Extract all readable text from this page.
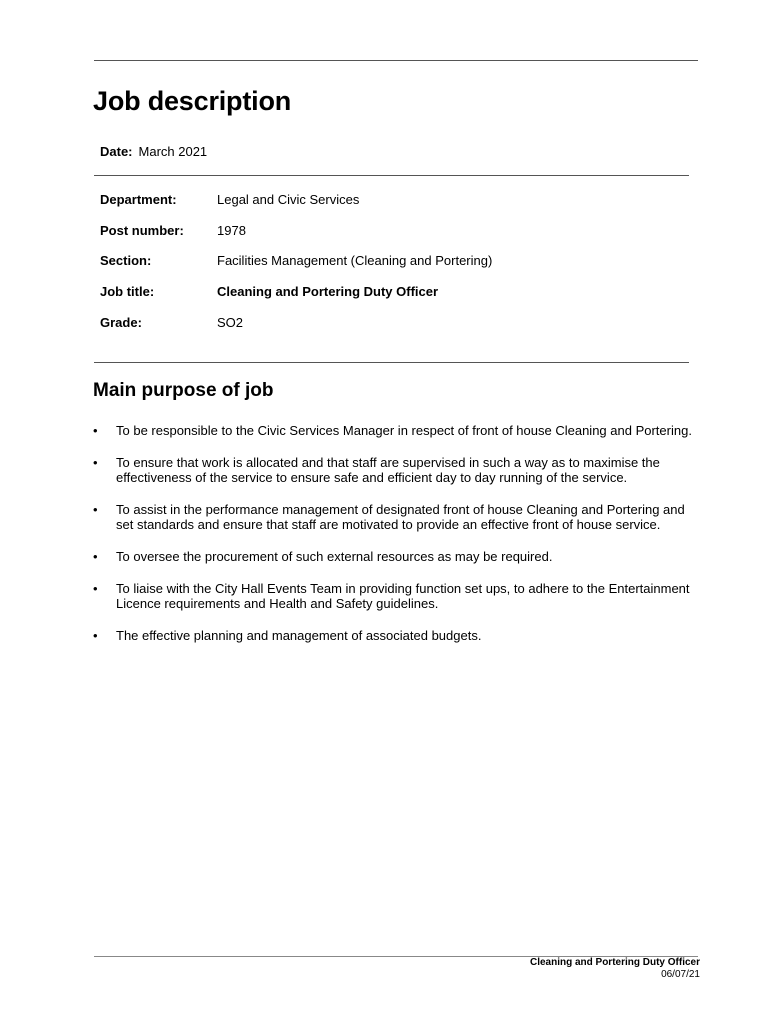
Job description
Date: March 2021
Department:	Legal and Civic Services
Post number:	1978
Section:	Facilities Management (Cleaning and Portering)
Job title:	Cleaning and Portering Duty Officer
Grade:	SO2
Main purpose of job
• To be responsible to the Civic Services Manager in respect of front of house Cleaning and Portering.
• To ensure that work is allocated and that staff are supervised in such a way as to maximise the effectiveness of the service to ensure safe and efficient day to day running of the service.
• To assist in the performance management of designated front of house Cleaning and Portering and set standards and ensure that staff are motivated to provide an effective front of house service.
• To oversee the procurement of such external resources as may be required.
• To liaise with the City Hall Events Team in providing function set ups, to adhere to the Entertainment Licence requirements and Health and Safety guidelines.
• The effective planning and management of associated budgets.
Cleaning and Portering Duty Officer
06/07/21
